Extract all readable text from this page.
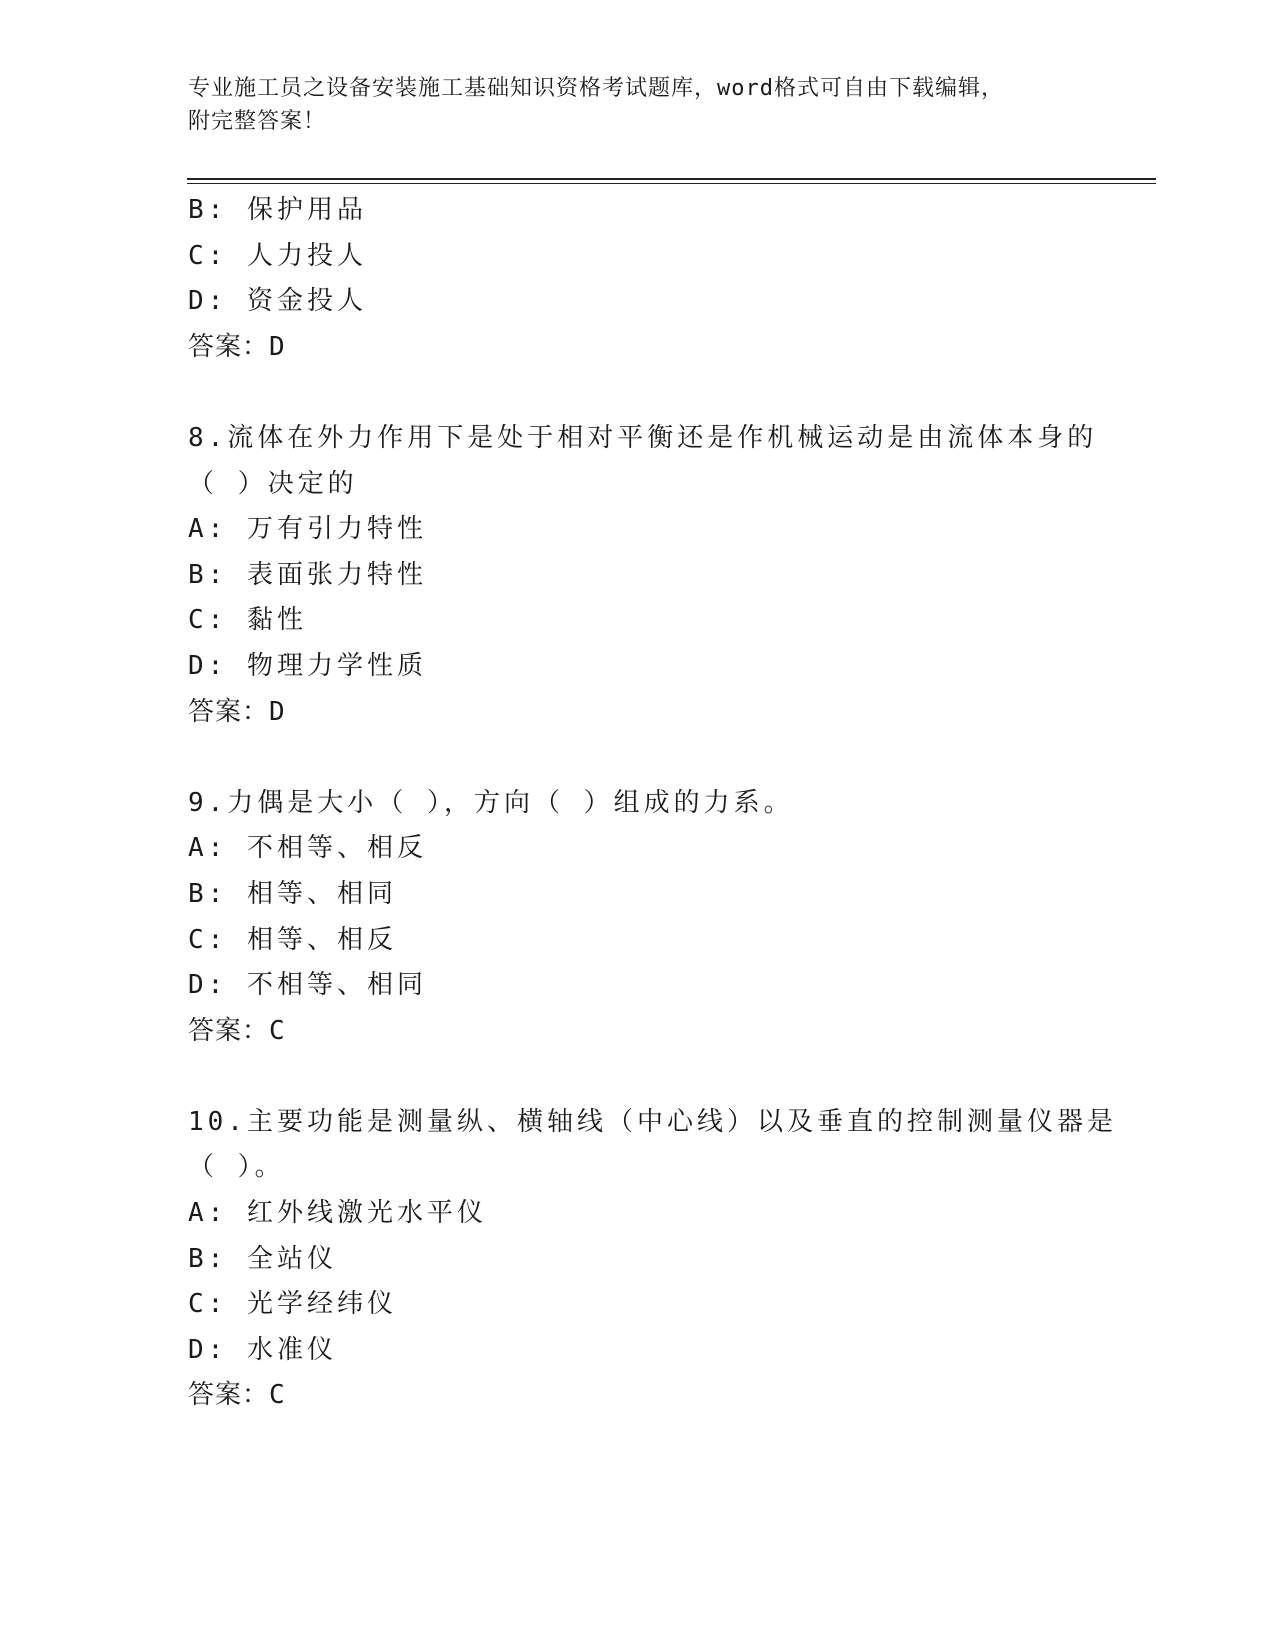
专业施工员之设备安装施工基础知识资格考试题库，word格式可自由下载编辑，
附完整答案！
B: 保护用品
C: 人力投人
D: 资金投人
答案：D
8.流体在外力作用下是处于相对平衡还是作机械运动是由流体本身的
（ ）决定的
A: 万有引力特性
B: 表面张力特性
C: 黏性
D: 物理力学性质
答案：D
9.力偶是大小（ ），方向（ ）组成的力系。
A: 不相等、相反
B: 相等、相同
C: 相等、相反
D: 不相等、相同
答案：C
10.主要功能是测量纵、横轴线（中心线）以及垂直的控制测量仪器是
（ ）。
A: 红外线激光水平仪
B: 全站仪
C: 光学经纬仪
D: 水准仪
答案：C
